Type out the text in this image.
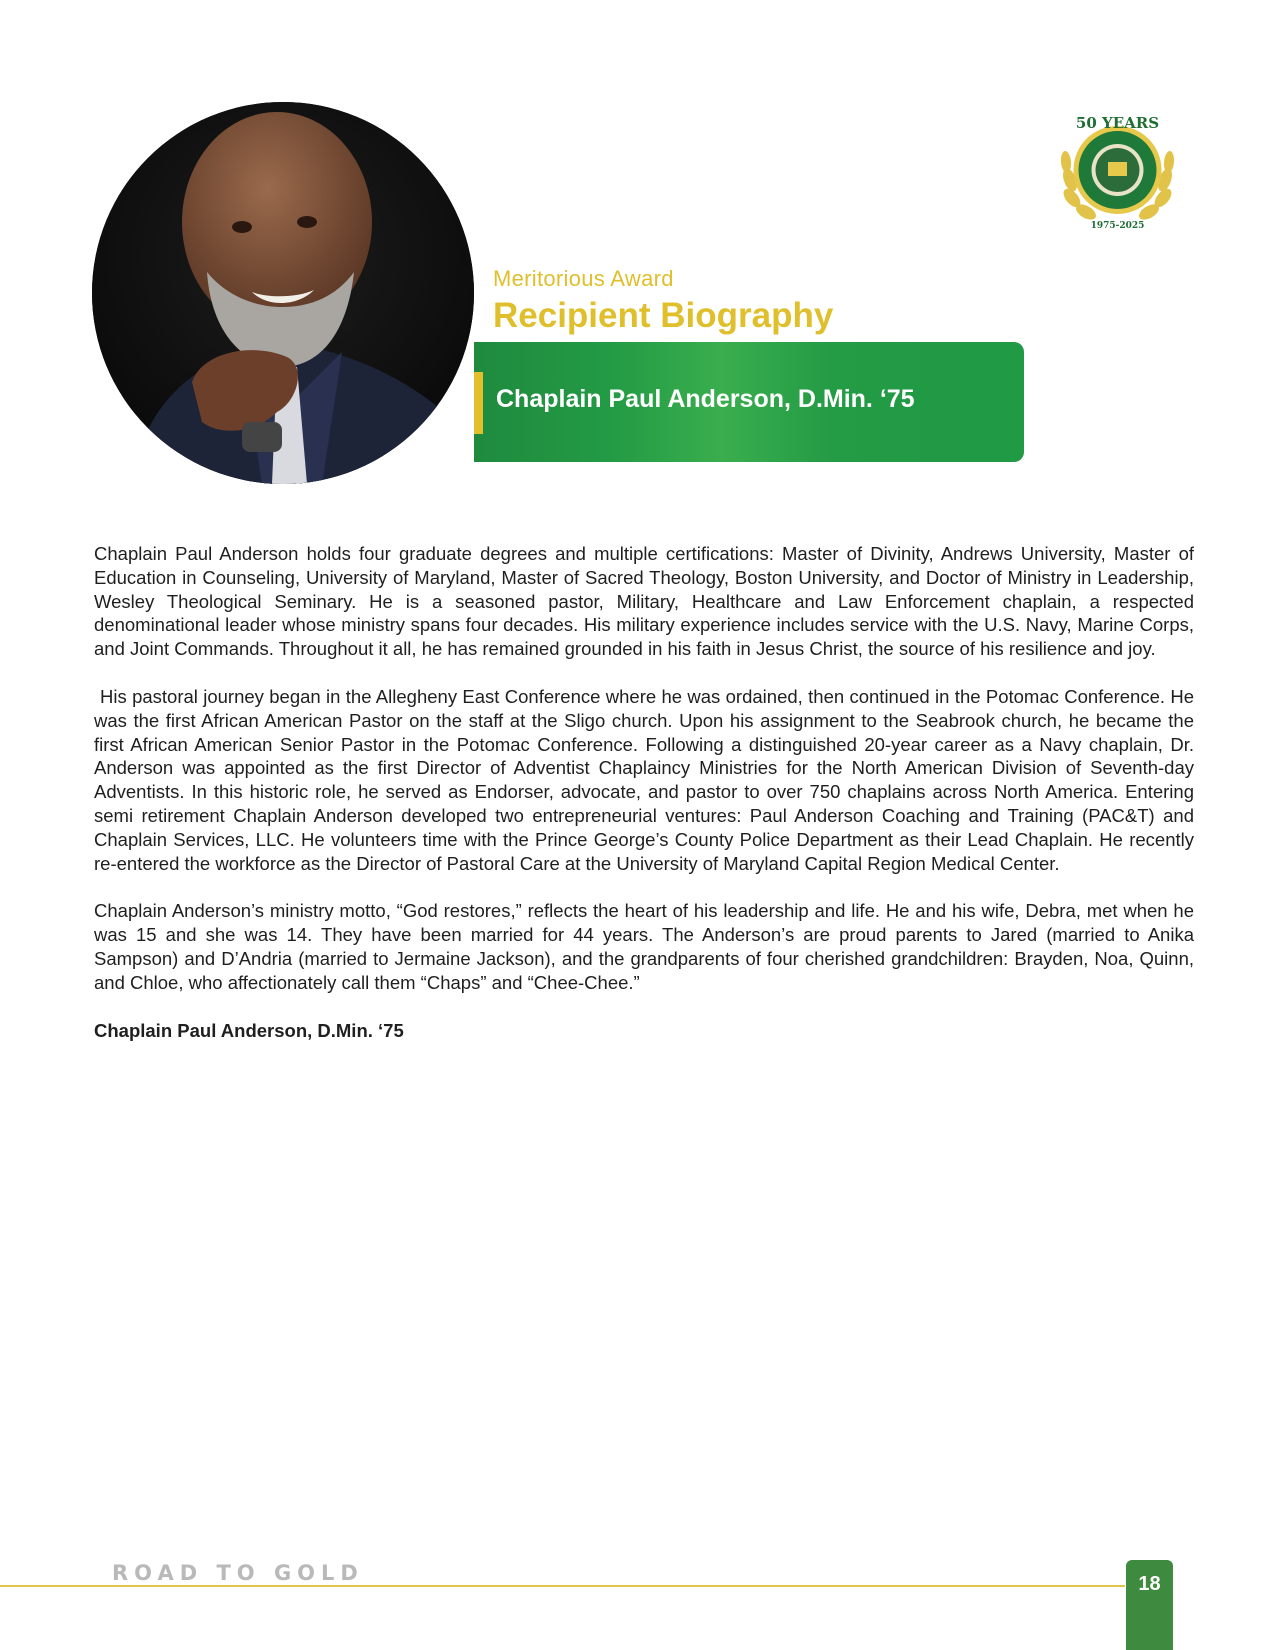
50 YEARS
1975-2025
Meritorious Award
Recipient Biography
Chaplain Paul Anderson, D.Min. ‘75

Chaplain Paul Anderson holds four graduate degrees and multiple certifications: Master of Divinity, Andrews University, Master of Education in Counseling, University of Maryland, Master of Sacred Theology, Boston University, and Doctor of Ministry in Leadership, Wesley Theological Seminary. He is a seasoned pastor, Military, Healthcare and Law Enforcement chaplain, a respected denominational leader whose ministry spans four decades. His military experience includes service with the U.S. Navy, Marine Corps, and Joint Commands. Throughout it all, he has remained grounded in his faith in Jesus Christ, the source of his resilience and joy.

His pastoral journey began in the Allegheny East Conference where he was ordained, then continued in the Potomac Conference. He was the first African American Pastor on the staff at the Sligo church. Upon his assignment to the Seabrook church, he became the first African American Senior Pastor in the Potomac Conference. Following a distinguished 20-year career as a Navy chaplain, Dr. Anderson was appointed as the first Director of Adventist Chaplaincy Ministries for the North American Division of Seventh-day Adventists. In this historic role, he served as Endorser, advocate, and pastor to over 750 chaplains across North America. Entering semi retirement Chaplain Anderson developed two entrepreneurial ventures: Paul Anderson Coaching and Training (PAC&T) and Chaplain Services, LLC. He volunteers time with the Prince George’s County Police Department as their Lead Chaplain. He recently re-entered the workforce as the Director of Pastoral Care at the University of Maryland Capital Region Medical Center.

Chaplain Anderson’s ministry motto, “God restores,” reflects the heart of his leadership and life. He and his wife, Debra, met when he was 15 and she was 14. They have been married for 44 years. The Anderson’s are proud parents to Jared (married to Anika Sampson) and D’Andria (married to Jermaine Jackson), and the grandparents of four cherished grandchildren: Brayden, Noa, Quinn, and Chloe, who affectionately call them “Chaps” and “Chee-Chee.”

Chaplain Paul Anderson, D.Min. ‘75

ROAD TO GOLD	18
